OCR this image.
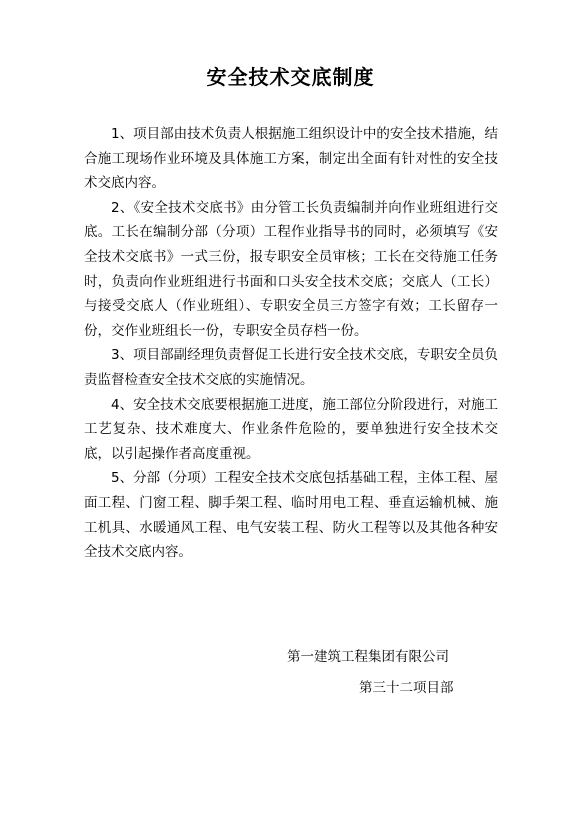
安全技术交底制度

1、项目部由技术负责人根据施工组织设计中的安全技术措施，结合施工现场作业环境及具体施工方案，制定出全面有针对性的安全技术交底内容。

2、《安全技术交底书》由分管工长负责编制并向作业班组进行交底。工长在编制分部（分项）工程作业指导书的同时，必须填写《安全技术交底书》一式三份，报专职安全员审核；工长在交待施工任务时，负责向作业班组进行书面和口头安全技术交底；交底人（工长）与接受交底人（作业班组）、专职安全员三方签字有效；工长留存一份，交作业班组长一份，专职安全员存档一份。

3、项目部副经理负责督促工长进行安全技术交底，专职安全员负责监督检查安全技术交底的实施情况。

4、安全技术交底要根据施工进度，施工部位分阶段进行，对施工工艺复杂、技术难度大、作业条件危险的，要单独进行安全技术交底，以引起操作者高度重视。

5、分部（分项）工程安全技术交底包括基础工程，主体工程、屋面工程、门窗工程、脚手架工程、临时用电工程、垂直运输机械、施工机具、水暖通风工程、电气安装工程、防火工程等以及其他各种安全技术交底内容。

第一建筑工程集团有限公司
第三十二项目部
